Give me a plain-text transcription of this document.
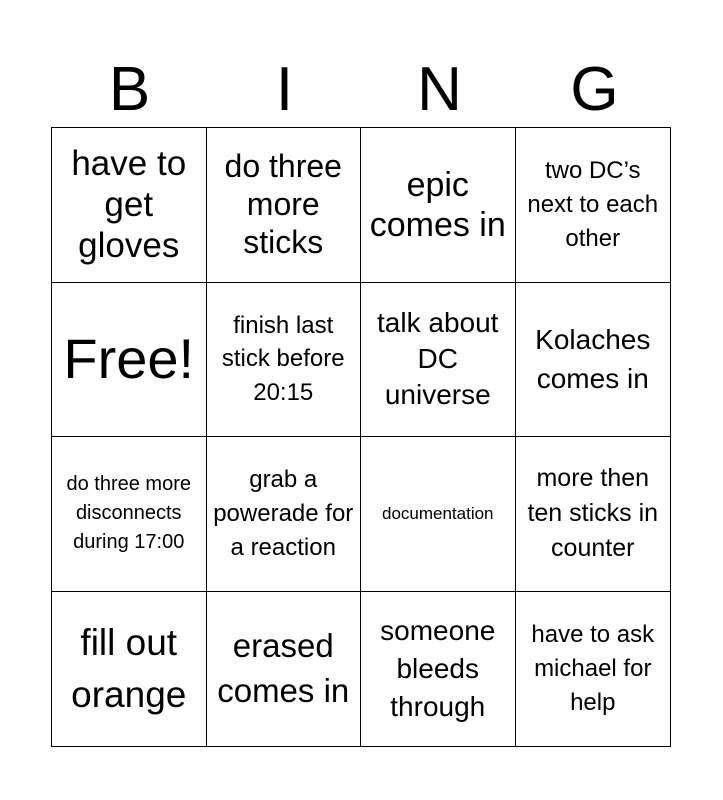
B	I	N	G
have to get gloves
do three more sticks
epic comes in
two DC’s next to each other
Free!
finish last stick before 20:15
talk about DC universe
Kolaches comes in
do three more disconnects during 17:00
grab a powerade for a reaction
documentation
more then ten sticks in counter
fill out orange
erased comes in
someone bleeds through
have to ask michael for help
